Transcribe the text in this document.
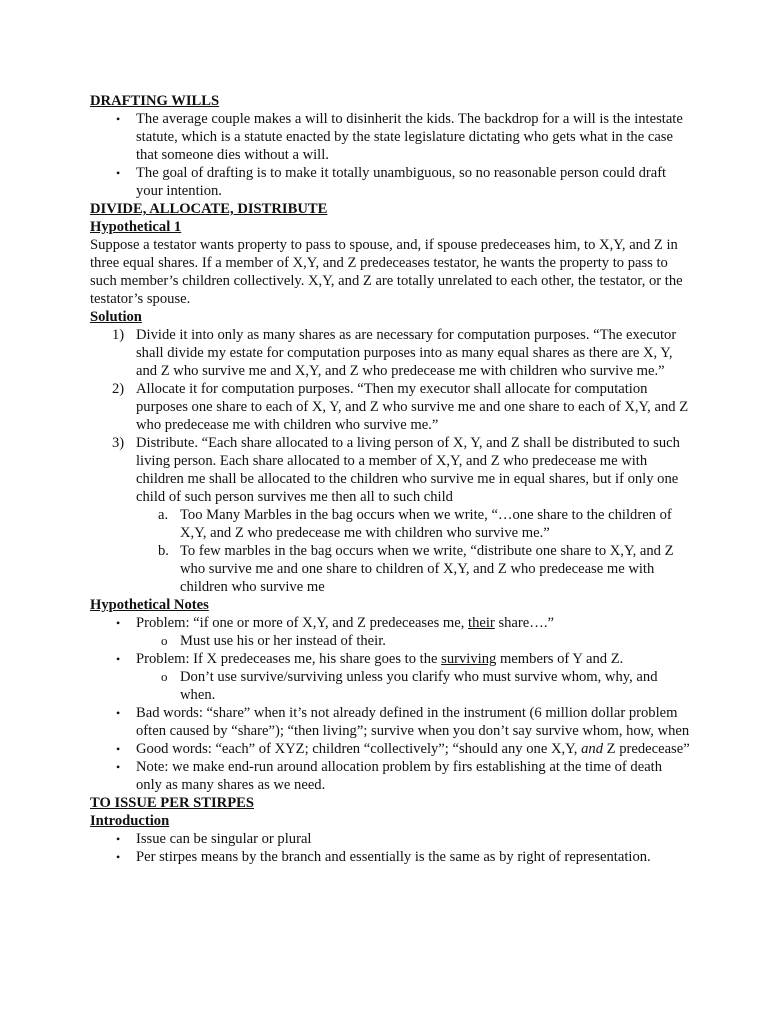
DRAFTING WILLS

• The average couple makes a will to disinherit the kids. The backdrop for a will is the intestate statute, which is a statute enacted by the state legislature dictating who gets what in the case that someone dies without a will.
• The goal of drafting is to make it totally unambiguous, so no reasonable person could draft your intention.

DIVIDE, ALLOCATE, DISTRIBUTE

Hypothetical 1

Suppose a testator wants property to pass to spouse, and, if spouse predeceases him, to X,Y, and Z in three equal shares. If a member of X,Y, and Z predeceases testator, he wants the property to pass to such member’s children collectively. X,Y, and Z are totally unrelated to each other, the testator, or the testator’s spouse.

Solution

1) Divide it into only as many shares as are necessary for computation purposes. “The executor shall divide my estate for computation purposes into as many equal shares as there are X, Y, and Z who survive me and X,Y, and Z who predecease me with children who survive me.”
2) Allocate it for computation purposes. “Then my executor shall allocate for computation purposes one share to each of X, Y, and Z who survive me and one share to each of X,Y, and Z who predecease me with children who survive me.”
3) Distribute. “Each share allocated to a living person of X, Y, and Z shall be distributed to such living person. Each share allocated to a member of X,Y, and Z who predecease me with children me shall be allocated to the children who survive me in equal shares, but if only one child of such person survives me then all to such child
a. Too Many Marbles in the bag occurs when we write, “…one share to the children of X,Y, and Z who predecease me with children who survive me.”
b. To few marbles in the bag occurs when we write, “distribute one share to X,Y, and Z who survive me and one share to children of X,Y, and Z who predecease me with children who survive me

Hypothetical Notes

• Problem: “if one or more of X,Y, and Z predeceases me, their share….”
o Must use his or her instead of their.
• Problem: If X predeceases me, his share goes to the surviving members of Y and Z.
o Don’t use survive/surviving unless you clarify who must survive whom, why, and when.
• Bad words: “share” when it’s not already defined in the instrument (6 million dollar problem often caused by “share”); “then living”; survive when you don’t say survive whom, how, when
• Good words: “each” of XYZ; children “collectively”; “should any one X,Y, and Z predecease”
• Note: we make end-run around allocation problem by firs establishing at the time of death only as many shares as we need.

TO ISSUE PER STIRPES

Introduction

• Issue can be singular or plural
• Per stirpes means by the branch and essentially is the same as by right of representation.
